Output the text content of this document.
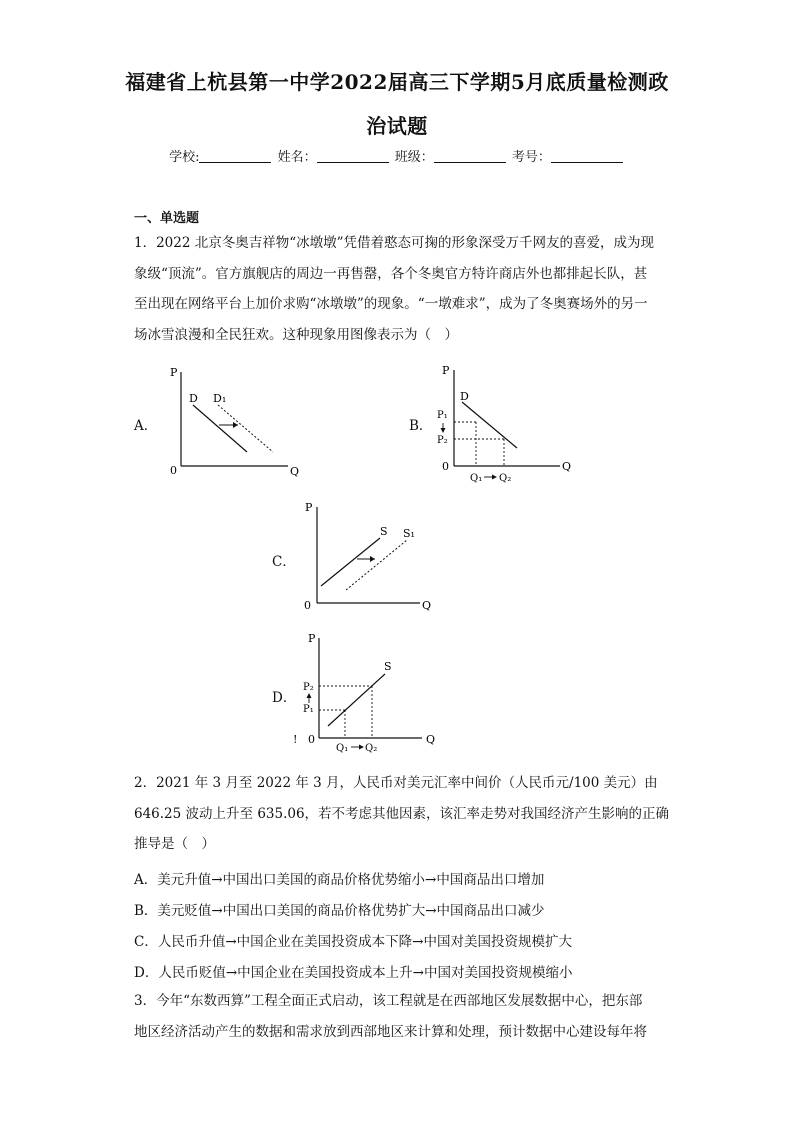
福建省上杭县第一中学2022届高三下学期5月底质量检测政
治试题
学校:	姓名：	班级：	考号：
一、单选题
1．2022 北京冬奥吉祥物“冰墩墩”凭借着憨态可掬的形象深受万千网友的喜爱，成为现
象级“顶流”。官方旗舰店的周边一再售罄，各个冬奥官方特许商店外也都排起长队，甚
至出现在网络平台上加价求购“冰墩墩”的现象。“一墩难求”，成为了冬奥赛场外的另一
场冰雪浪漫和全民狂欢。这种现象用图像表示为（　）
A．
P
Q
0
D D₁
B．
P
Q
0
D
P₁
P₂
Q₁ Q₂
C．
P
Q
0
S S₁
D．
!
P
Q
0
S
P₂
P₁
Q₁ Q₂
2．2021 年 3 月至 2022 年 3 月，人民币对美元汇率中间价（人民币元/100 美元）由
646.25 波动上升至 635.06，若不考虑其他因素，该汇率走势对我国经济产生影响的正确
推导是（　）
A．美元升值→中国出口美国的商品价格优势缩小→中国商品出口增加
B．美元贬值→中国出口美国的商品价格优势扩大→中国商品出口减少
C．人民币升值→中国企业在美国投资成本下降→中国对美国投资规模扩大
D．人民币贬值→中国企业在美国投资成本上升→中国对美国投资规模缩小
3．今年“东数西算”工程全面正式启动，该工程就是在西部地区发展数据中心，把东部
地区经济活动产生的数据和需求放到西部地区来计算和处理，预计数据中心建设每年将
